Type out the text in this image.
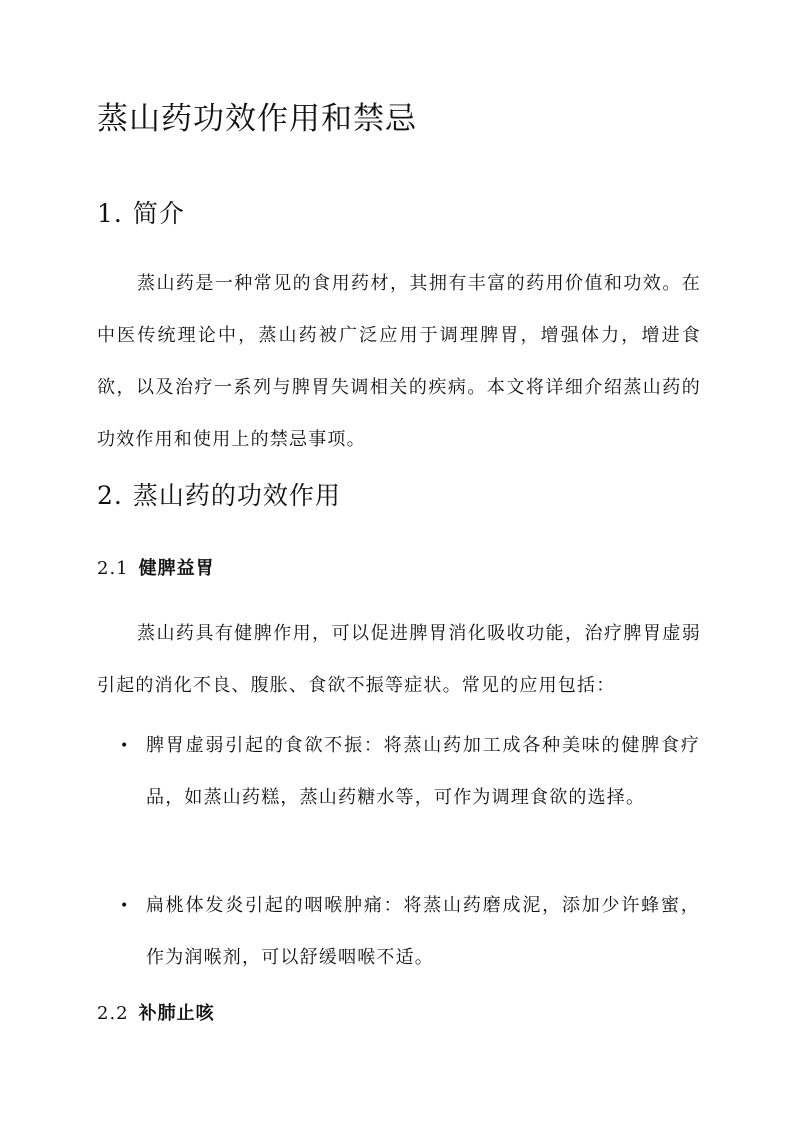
蒸山药功效作用和禁忌
1. 简介

蒸山药是一种常见的食用药材，其拥有丰富的药用价值和功效。在中医传统理论中，蒸山药被广泛应用于调理脾胃，增强体力，增进食欲，以及治疗一系列与脾胃失调相关的疾病。本文将详细介绍蒸山药的功效作用和使用上的禁忌事项。

2. 蒸山药的功效作用
2.1 健脾益胃

蒸山药具有健脾作用，可以促进脾胃消化吸收功能，治疗脾胃虚弱引起的消化不良、腹胀、食欲不振等症状。常见的应用包括：

• 脾胃虚弱引起的食欲不振：将蒸山药加工成各种美味的健脾食疗品，如蒸山药糕，蒸山药糖水等，可作为调理食欲的选择。
• 扁桃体发炎引起的咽喉肿痛：将蒸山药磨成泥，添加少许蜂蜜，作为润喉剂，可以舒缓咽喉不适。
2.2 补肺止咳
